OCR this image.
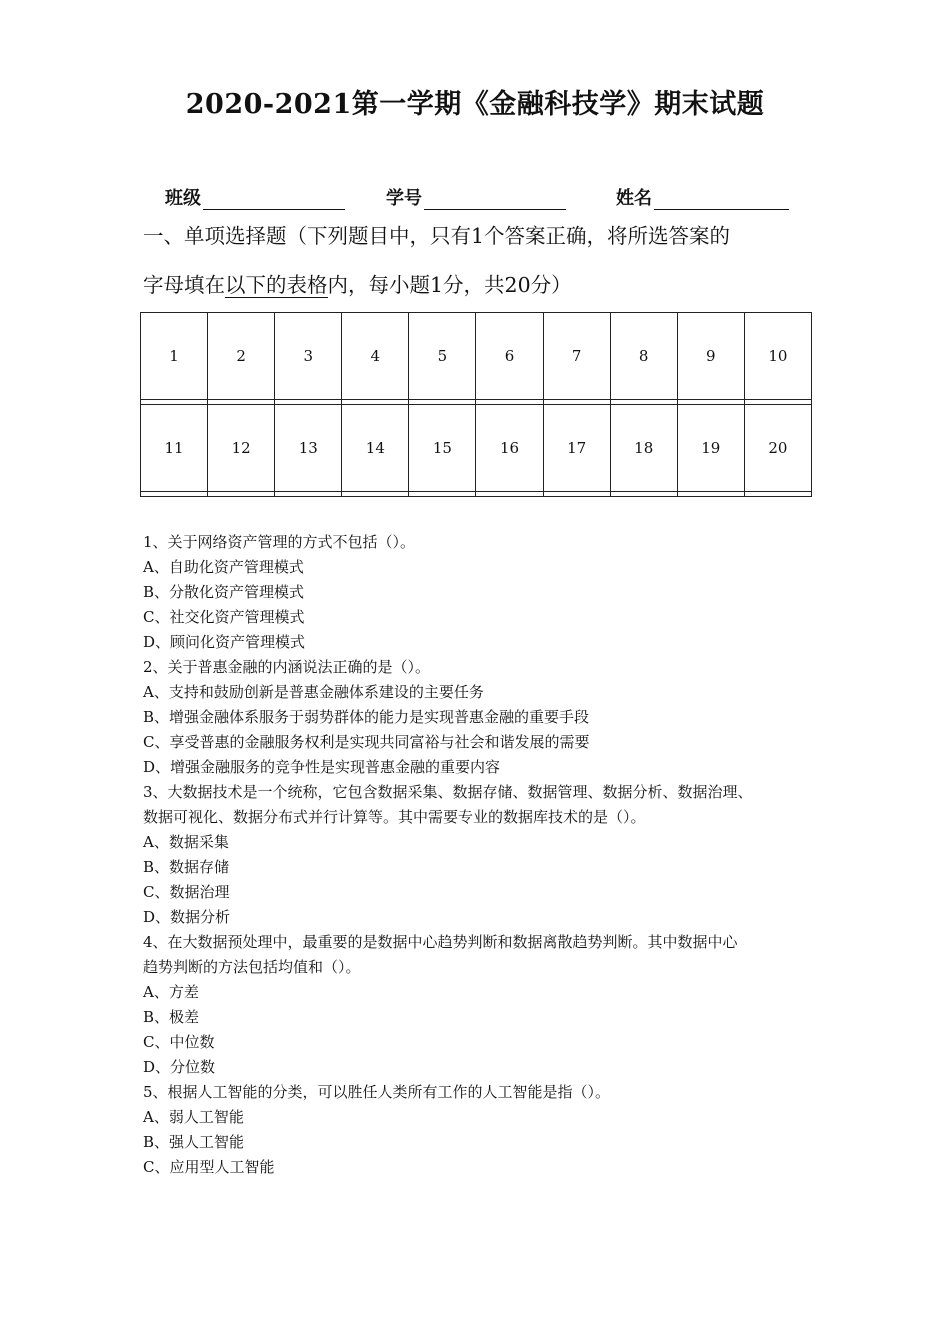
2020-2021第一学期《金融科技学》期末试题
班级	学号	姓名
一、单项选择题（下列题目中，只有1个答案正确，将所选答案的
字母填在以下的表格内，每小题1分，共20分）
1	2	3	4	5	6	7	8	9	10

11	12	13	14	15	16	17	18	19	20

1、关于网络资产管理的方式不包括（）。
A、自助化资产管理模式
B、分散化资产管理模式
C、社交化资产管理模式
D、顾问化资产管理模式
2、关于普惠金融的内涵说法正确的是（）。
A、支持和鼓励创新是普惠金融体系建设的主要任务
B、增强金融体系服务于弱势群体的能力是实现普惠金融的重要手段
C、享受普惠的金融服务权利是实现共同富裕与社会和谐发展的需要
D、增强金融服务的竞争性是实现普惠金融的重要内容
3、大数据技术是一个统称，它包含数据采集、数据存储、数据管理、数据分析、数据治理、
数据可视化、数据分布式并行计算等。其中需要专业的数据库技术的是（）。
A、数据采集
B、数据存储
C、数据治理
D、数据分析
4、在大数据预处理中，最重要的是数据中心趋势判断和数据离散趋势判断。其中数据中心
趋势判断的方法包括均值和（）。
A、方差
B、极差
C、中位数
D、分位数
5、根据人工智能的分类，可以胜任人类所有工作的人工智能是指（）。
A、弱人工智能
B、强人工智能
C、应用型人工智能
